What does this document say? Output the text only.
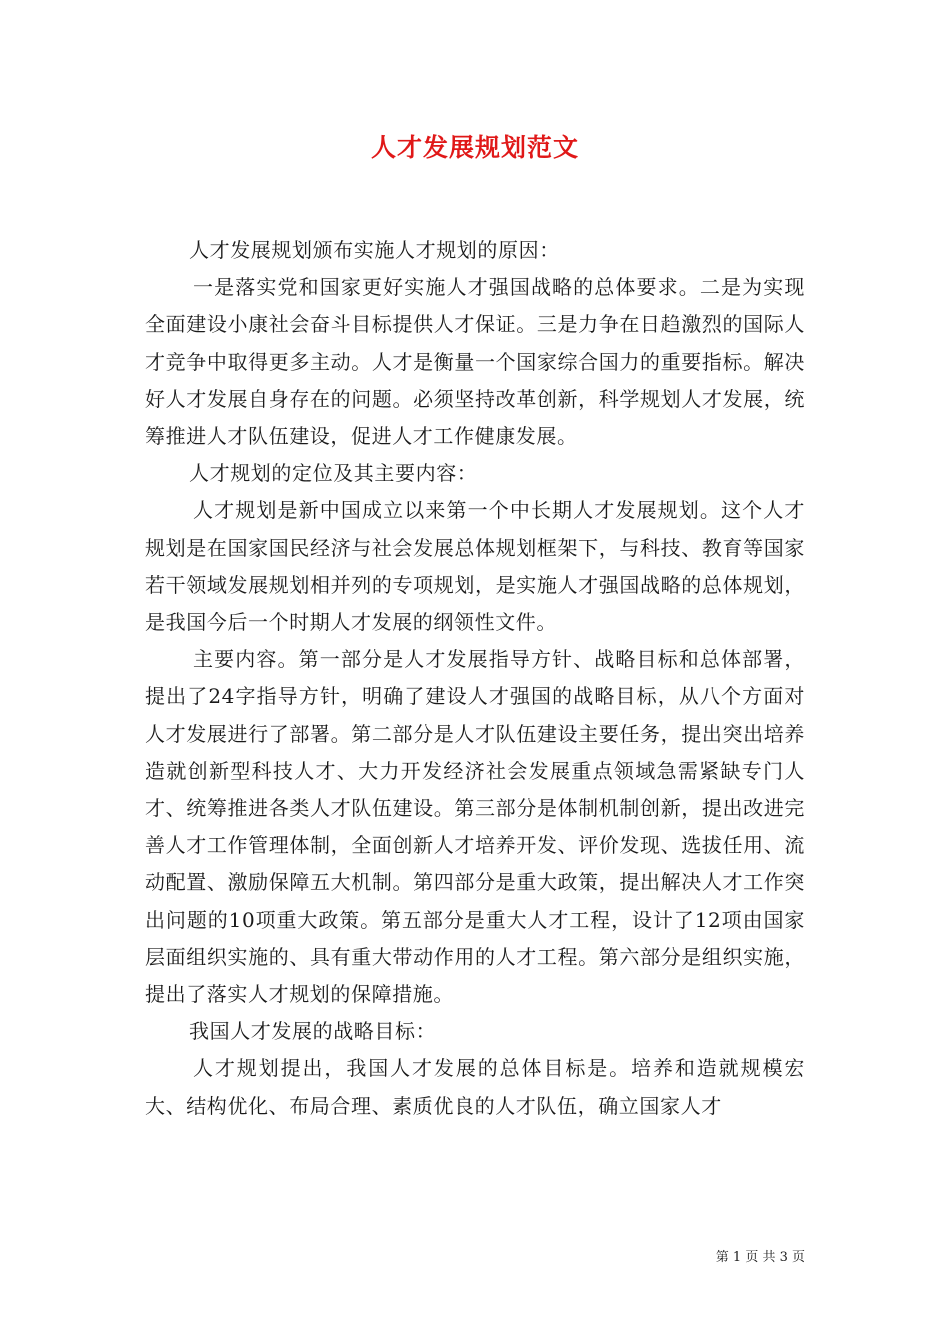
人才发展规划范文

人才发展规划颁布实施人才规划的原因：

一是落实党和国家更好实施人才强国战略的总体要求。二是为实现全面建设小康社会奋斗目标提供人才保证。三是力争在日趋激烈的国际人才竞争中取得更多主动。人才是衡量一个国家综合国力的重要指标。解决好人才发展自身存在的问题。必须坚持改革创新，科学规划人才发展，统筹推进人才队伍建设，促进人才工作健康发展。

人才规划的定位及其主要内容：

人才规划是新中国成立以来第一个中长期人才发展规划。这个人才规划是在国家国民经济与社会发展总体规划框架下，与科技、教育等国家若干领域发展规划相并列的专项规划，是实施人才强国战略的总体规划，是我国今后一个时期人才发展的纲领性文件。

主要内容。第一部分是人才发展指导方针、战略目标和总体部署，提出了24字指导方针，明确了建设人才强国的战略目标，从八个方面对人才发展进行了部署。第二部分是人才队伍建设主要任务，提出突出培养造就创新型科技人才、大力开发经济社会发展重点领域急需紧缺专门人才、统筹推进各类人才队伍建设。第三部分是体制机制创新，提出改进完善人才工作管理体制，全面创新人才培养开发、评价发现、选拔任用、流动配置、激励保障五大机制。第四部分是重大政策，提出解决人才工作突出问题的10项重大政策。第五部分是重大人才工程，设计了12项由国家层面组织实施的、具有重大带动作用的人才工程。第六部分是组织实施，提出了落实人才规划的保障措施。

我国人才发展的战略目标：

人才规划提出，我国人才发展的总体目标是。培养和造就规模宏大、结构优化、布局合理、素质优良的人才队伍，确立国家人才

第 1 页 共 3 页
